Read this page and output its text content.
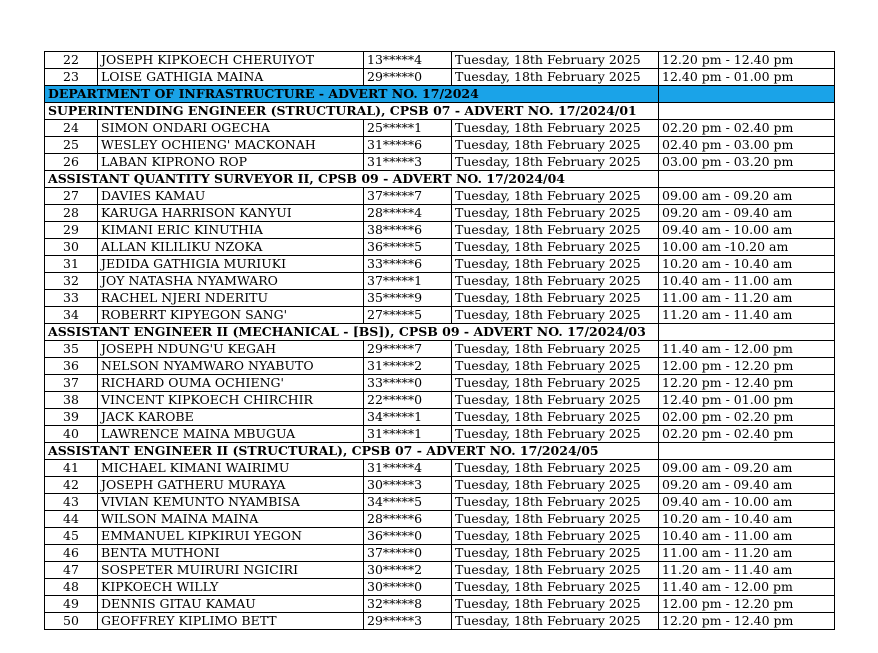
22	JOSEPH KIPKOECH CHERUIYOT	13*****4	Tuesday, 18th February 2025	12.20 pm - 12.40 pm
23	LOISE GATHIGIA MAINA	29*****0	Tuesday, 18th February 2025	12.40 pm - 01.00 pm
DEPARTMENT OF INFRASTRUCTURE - ADVERT NO. 17/2024				
SUPERINTENDING ENGINEER (STRUCTURAL), CPSB 07 - ADVERT NO. 17/2024/01				
24	SIMON ONDARI OGECHA	25*****1	Tuesday, 18th February 2025	02.20 pm - 02.40 pm
25	WESLEY OCHIENG' MACKONAH	31*****6	Tuesday, 18th February 2025	02.40 pm - 03.00 pm
26	LABAN KIPRONO ROP	31*****3	Tuesday, 18th February 2025	03.00 pm - 03.20 pm
ASSISTANT QUANTITY SURVEYOR II, CPSB 09 - ADVERT NO. 17/2024/04				
27	DAVIES KAMAU	37*****7	Tuesday, 18th February 2025	09.00 am - 09.20 am
28	KARUGA HARRISON KANYUI	28*****4	Tuesday, 18th February 2025	09.20 am - 09.40 am
29	KIMANI ERIC KINUTHIA	38*****6	Tuesday, 18th February 2025	09.40 am - 10.00 am
30	ALLAN KILILIKU NZOKA	36*****5	Tuesday, 18th February 2025	10.00 am -10.20 am
31	JEDIDA GATHIGIA MURIUKI	33*****6	Tuesday, 18th February 2025	10.20 am - 10.40 am
32	JOY NATASHA NYAMWARO	37*****1	Tuesday, 18th February 2025	10.40 am - 11.00 am
33	RACHEL NJERI NDERITU	35*****9	Tuesday, 18th February 2025	11.00 am - 11.20 am
34	ROBERRT KIPYEGON SANG'	27*****5	Tuesday, 18th February 2025	11.20 am - 11.40 am
ASSISTANT ENGINEER II (MECHANICAL - [BS]), CPSB 09 - ADVERT NO. 17/2024/03				
35	JOSEPH NDUNG'U KEGAH	29*****7	Tuesday, 18th February 2025	11.40 am - 12.00 pm
36	NELSON NYAMWARO NYABUTO	31*****2	Tuesday, 18th February 2025	12.00 pm - 12.20 pm
37	RICHARD OUMA OCHIENG'	33*****0	Tuesday, 18th February 2025	12.20 pm - 12.40 pm
38	VINCENT KIPKOECH CHIRCHIR	22*****0	Tuesday, 18th February 2025	12.40 pm - 01.00 pm
39	JACK KAROBE	34*****1	Tuesday, 18th February 2025	02.00 pm - 02.20 pm
40	LAWRENCE MAINA MBUGUA	31*****1	Tuesday, 18th February 2025	02.20 pm - 02.40 pm
ASSISTANT ENGINEER II (STRUCTURAL), CPSB 07 - ADVERT NO. 17/2024/05				
41	MICHAEL KIMANI WAIRIMU	31*****4	Tuesday, 18th February 2025	09.00 am - 09.20 am
42	JOSEPH GATHERU MURAYA	30*****3	Tuesday, 18th February 2025	09.20 am - 09.40 am
43	VIVIAN KEMUNTO NYAMBISA	34*****5	Tuesday, 18th February 2025	09.40 am - 10.00 am
44	WILSON MAINA MAINA	28*****6	Tuesday, 18th February 2025	10.20 am - 10.40 am
45	EMMANUEL KIPKIRUI YEGON	36*****0	Tuesday, 18th February 2025	10.40 am - 11.00 am
46	BENTA MUTHONI	37*****0	Tuesday, 18th February 2025	11.00 am - 11.20 am
47	SOSPETER MUIRURI NGICIRI	30*****2	Tuesday, 18th February 2025	11.20 am - 11.40 am
48	KIPKOECH WILLY	30*****0	Tuesday, 18th February 2025	11.40 am - 12.00 pm
49	DENNIS GITAU KAMAU	32*****8	Tuesday, 18th February 2025	12.00 pm - 12.20 pm
50	GEOFFREY KIPLIMO BETT	29*****3	Tuesday, 18th February 2025	12.20 pm - 12.40 pm
